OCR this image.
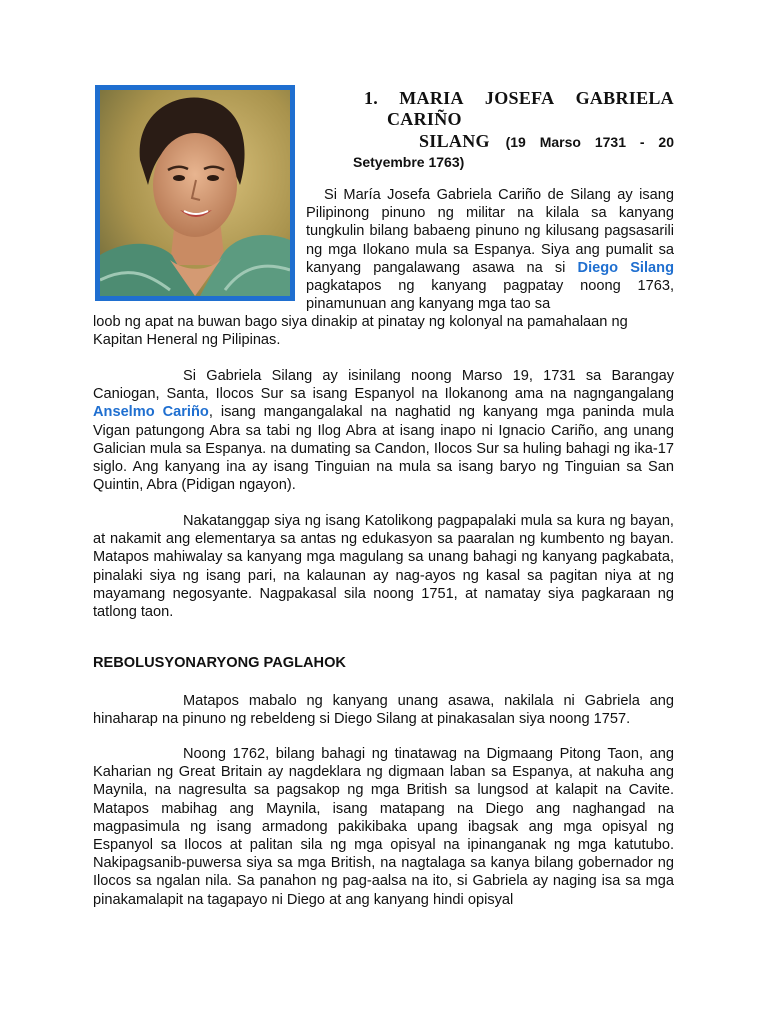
1. MARIA JOSEFA GABRIELA
CARIÑO
SILANG (19 Marso 1731 - 20
Setyembre 1763)

Si María Josefa Gabriela Cariño de Silang ay isang Pilipinong pinuno ng militar na kilala sa kanyang tungkulin bilang babaeng pinuno ng kilusang pagsasarili ng mga Ilokano mula sa Espanya. Siya ang pumalit sa kanyang pangalawang asawa na si Diego Silang pagkatapos ng kanyang pagpatay noong 1763, pinamunuan ang kanyang mga tao sa

loob ng apat na buwan bago siya dinakip at pinatay ng kolonyal na pamahalaan ng
Kapitan Heneral ng Pilipinas.

Si Gabriela Silang ay isinilang noong Marso 19, 1731 sa Barangay Caniogan, Santa, Ilocos Sur sa isang Espanyol na Ilokanong ama na nagngangalang Anselmo Cariño, isang mangangalakal na naghatid ng kanyang mga paninda mula Vigan patungong Abra sa tabi ng Ilog Abra at isang inapo ni Ignacio Cariño, ang unang Galician mula sa Espanya. na dumating sa Candon, Ilocos Sur sa huling bahagi ng ika-17 siglo. Ang kanyang ina ay isang Tinguian na mula sa isang baryo ng Tinguian sa San Quintin, Abra (Pidigan ngayon).

Nakatanggap siya ng isang Katolikong pagpapalaki mula sa kura ng bayan, at nakamit ang elementarya sa antas ng edukasyon sa paaralan ng kumbento ng bayan. Matapos mahiwalay sa kanyang mga magulang sa unang bahagi ng kanyang pagkabata, pinalaki siya ng isang pari, na kalaunan ay nag-ayos ng kasal sa pagitan niya at ng mayamang negosyante. Nagpakasal sila noong 1751, at namatay siya pagkaraan ng tatlong taon.

REBOLUSYONARYONG PAGLAHOK

Matapos mabalo ng kanyang unang asawa, nakilala ni Gabriela ang hinaharap na pinuno ng rebeldeng si Diego Silang at pinakasalan siya noong 1757.

Noong 1762, bilang bahagi ng tinatawag na Digmaang Pitong Taon, ang Kaharian ng Great Britain ay nagdeklara ng digmaan laban sa Espanya, at nakuha ang Maynila, na nagresulta sa pagsakop ng mga British sa lungsod at kalapit na Cavite. Matapos mabihag ang Maynila, isang matapang na Diego ang naghangad na magpasimula ng isang armadong pakikibaka upang ibagsak ang mga opisyal ng Espanyol sa Ilocos at palitan sila ng mga opisyal na ipinanganak ng mga katutubo. Nakipagsanib-puwersa siya sa mga British, na nagtalaga sa kanya bilang gobernador ng Ilocos sa ngalan nila. Sa panahon ng pag-aalsa na ito, si Gabriela ay naging isa sa mga pinakamalapit na tagapayo ni Diego at ang kanyang hindi opisyal
